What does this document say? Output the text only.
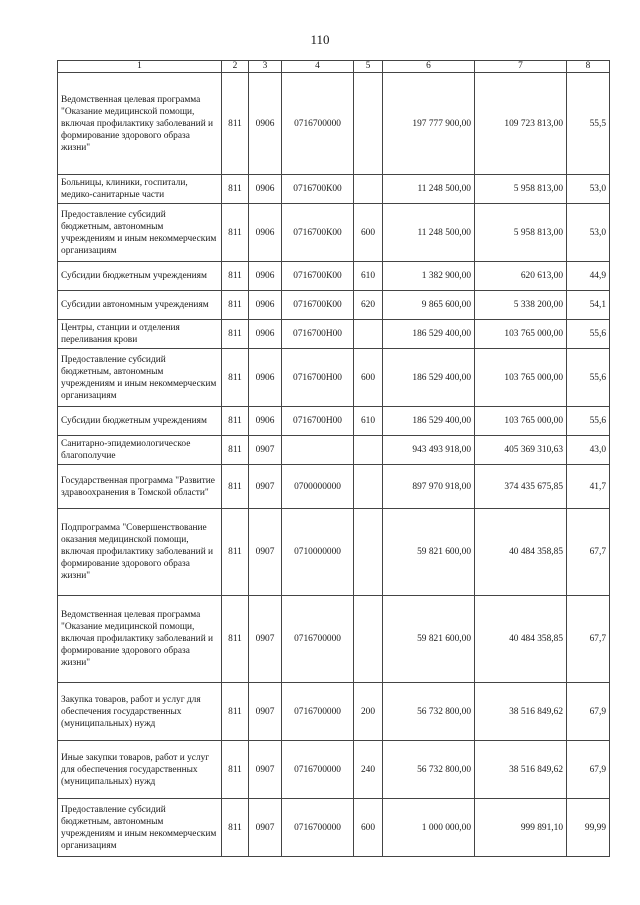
110
1	2	3	4	5	6	7	8
Ведомственная целевая программа "Оказание медицинской помощи, включая профилактику заболеваний и формирование здорового образа жизни"	811	0906	0716700000		197 777 900,00	109 723 813,00	55,5
Больницы, клиники, госпитали, медико-санитарные части	811	0906	0716700К00		11 248 500,00	5 958 813,00	53,0
Предоставление субсидий бюджетным, автономным учреждениям и иным некоммерческим организациям	811	0906	0716700К00	600	11 248 500,00	5 958 813,00	53,0
Субсидии бюджетным учреждениям	811	0906	0716700К00	610	1 382 900,00	620 613,00	44,9
Субсидии автономным учреждениям	811	0906	0716700К00	620	9 865 600,00	5 338 200,00	54,1
Центры, станции и отделения переливания крови	811	0906	0716700Н00		186 529 400,00	103 765 000,00	55,6
Предоставление субсидий бюджетным, автономным учреждениям и иным некоммерческим организациям	811	0906	0716700Н00	600	186 529 400,00	103 765 000,00	55,6
Субсидии бюджетным учреждениям	811	0906	0716700Н00	610	186 529 400,00	103 765 000,00	55,6
Санитарно-эпидемиологическое благополучие	811	0907			943 493 918,00	405 369 310,63	43,0
Государственная программа "Развитие здравоохранения в Томской области"	811	0907	0700000000		897 970 918,00	374 435 675,85	41,7
Подпрограмма "Совершенствование оказания медицинской помощи, включая профилактику заболеваний и формирование здорового образа жизни"	811	0907	0710000000		59 821 600,00	40 484 358,85	67,7
Ведомственная целевая программа "Оказание медицинской помощи, включая профилактику заболеваний и формирование здорового образа жизни"	811	0907	0716700000		59 821 600,00	40 484 358,85	67,7
Закупка товаров, работ и услуг для обеспечения государственных (муниципальных) нужд	811	0907	0716700000	200	56 732 800,00	38 516 849,62	67,9
Иные закупки товаров, работ и услуг для обеспечения государственных (муниципальных) нужд	811	0907	0716700000	240	56 732 800,00	38 516 849,62	67,9
Предоставление субсидий бюджетным, автономным учреждениям и иным некоммерческим организациям	811	0907	0716700000	600	1 000 000,00	999 891,10	99,99
